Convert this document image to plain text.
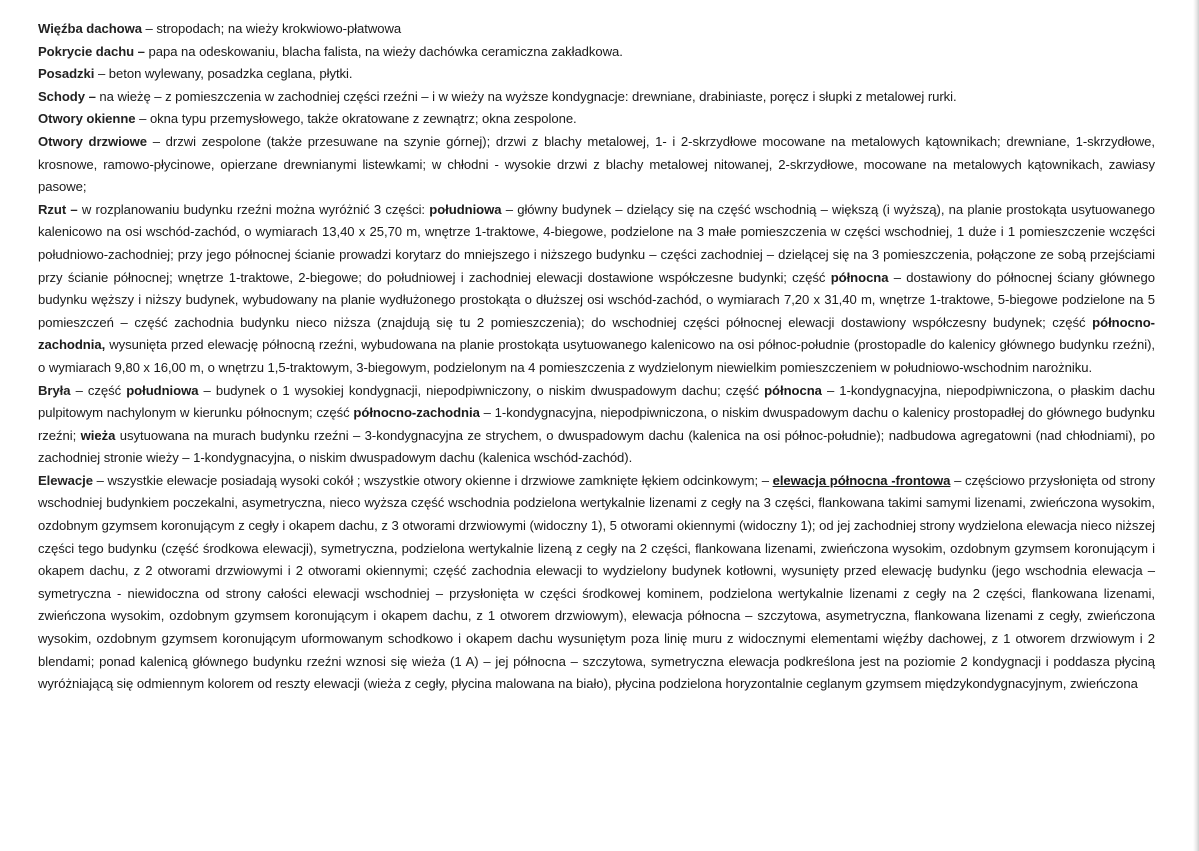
Więźba dachowa – stropodach; na wieży krokwiowo-płatwowa

Pokrycie dachu – papa na odeskowaniu, blacha falista, na wieży dachówka ceramiczna zakładkowa.

Posadzki – beton wylewany, posadzka ceglana, płytki.

Schody – na wieżę – z pomieszczenia w zachodniej części rzeźni – i w wieży na wyższe kondygnacje: drewniane, drabiniaste, poręcz i słupki z metalowej rurki.

Otwory okienne – okna typu przemysłowego, także okratowane z zewnątrz; okna zespolone.

Otwory drzwiowe – drzwi zespolone (także przesuwane na szynie górnej); drzwi z blachy metalowej, 1- i 2-skrzydłowe mocowane na metalowych kątownikach; drewniane, 1-skrzydłowe, krosnowe, ramowo-płycinowe, opierzane drewnianymi listewkami; w chłodni - wysokie drzwi z blachy metalowej nitowanej, 2-skrzydłowe, mocowane na metalowych kątownikach, zawiasy pasowe;

Rzut – w rozplanowaniu budynku rzeźni można wyróżnić 3 części: południowa – główny budynek – dzielący się na część wschodnią – większą (i wyższą), na planie prostokąta usytuowanego kalenicowo na osi wschód-zachód, o wymiarach 13,40 x 25,70 m, wnętrze 1-traktowe, 4-biegowe, podzielone na 3 małe pomieszczenia w części wschodniej, 1 duże i 1 pomieszczenie wczęści południowo-zachodniej; przy jego północnej ścianie prowadzi korytarz do mniejszego i niższego budynku – części zachodniej – dzielącej się na 3 pomieszczenia, połączone ze sobą przejściami przy ścianie północnej; wnętrze 1-traktowe, 2-biegowe; do południowej i zachodniej elewacji dostawione współczesne budynki; część północna – dostawiony do północnej ściany głównego budynku węższy i niższy budynek, wybudowany na planie wydłużonego prostokąta o dłuższej osi wschód-zachód, o wymiarach 7,20 x 31,40 m, wnętrze 1-traktowe, 5-biegowe podzielone na 5 pomieszczeń – część zachodnia budynku nieco niższa (znajdują się tu 2 pomieszczenia); do wschodniej części północnej elewacji dostawiony współczesny budynek; część północno-zachodnia, wysunięta przed elewację północną rzeźni, wybudowana na planie prostokąta usytuowanego kalenicowo na osi północ-południe (prostopadle do kalenicy głównego budynku rzeźni), o wymiarach 9,80 x 16,00 m, o wnętrzu 1,5-traktowym, 3-biegowym, podzielonym na 4 pomieszczenia z wydzielonym niewielkim pomieszczeniem w południowo-wschodnim narożniku.

Bryła – część południowa – budynek o 1 wysokiej kondygnacji, niepodpiwniczony, o niskim dwuspadowym dachu; część północna – 1-kondygnacyjna, niepodpiwniczona, o płaskim dachu pulpitowym nachylonym w kierunku północnym; część północno-zachodnia – 1-kondygnacyjna, niepodpiwniczona, o niskim dwuspadowym dachu o kalenicy prostopadłej do głównego budynku rzeźni; wieża usytuowana na murach budynku rzeźni – 3-kondygnacyjna ze strychem, o dwuspadowym dachu (kalenica na osi północ-południe); nadbudowa agregatowni (nad chłodniami), po zachodniej stronie wieży – 1-kondygnacyjna, o niskim dwuspadowym dachu (kalenica wschód-zachód).

Elewacje – wszystkie elewacje posiadają wysoki cokół ; wszystkie otwory okienne i drzwiowe zamknięte łękiem odcinkowym; – elewacja północna -frontowa – częściowo przysłonięta od strony wschodniej budynkiem poczekalni, asymetryczna, nieco wyższa część wschodnia podzielona wertykalnie lizenami z cegły na 3 części, flankowana takimi samymi lizenami, zwieńczona wysokim, ozdobnym gzymsem koronującym z cegły i okapem dachu, z 3 otworami drzwiowymi (widoczny 1), 5 otworami okiennymi (widoczny 1); od jej zachodniej strony wydzielona elewacja nieco niższej części tego budynku (część środkowa elewacji), symetryczna, podzielona wertykalnie lizeną z cegły na 2 części, flankowana lizenami, zwieńczona wysokim, ozdobnym gzymsem koronującym i okapem dachu, z 2 otworami drzwiowymi i 2 otworami okiennymi; część zachodnia elewacji to wydzielony budynek kotłowni, wysunięty przed elewację budynku (jego wschodnia elewacja – symetryczna - niewidoczna od strony całości elewacji wschodniej – przysłonięta w części środkowej kominem, podzielona wertykalnie lizenami z cegły na 2 części, flankowana lizenami, zwieńczona wysokim, ozdobnym gzymsem koronującym i okapem dachu, z 1 otworem drzwiowym), elewacja północna – szczytowa, asymetryczna, flankowana lizenami z cegły, zwieńczona wysokim, ozdobnym gzymsem koronującym uformowanym schodkowo i okapem dachu wysuniętym poza linię muru z widocznymi elementami więźby dachowej, z 1 otworem drzwiowym i 2 blendami; ponad kalenicą głównego budynku rzeźni wznosi się wieża (1 A) – jej północna – szczytowa, symetryczna elewacja podkreślona jest na poziomie 2 kondygnacji i poddasza płyciną wyróżniającą się odmiennym kolorem od reszty elewacji (wieża z cegły, płycina malowana na biało), płycina podzielona horyzontalnie ceglanym gzymsem międzykondygnacyjnym, zwieńczona
